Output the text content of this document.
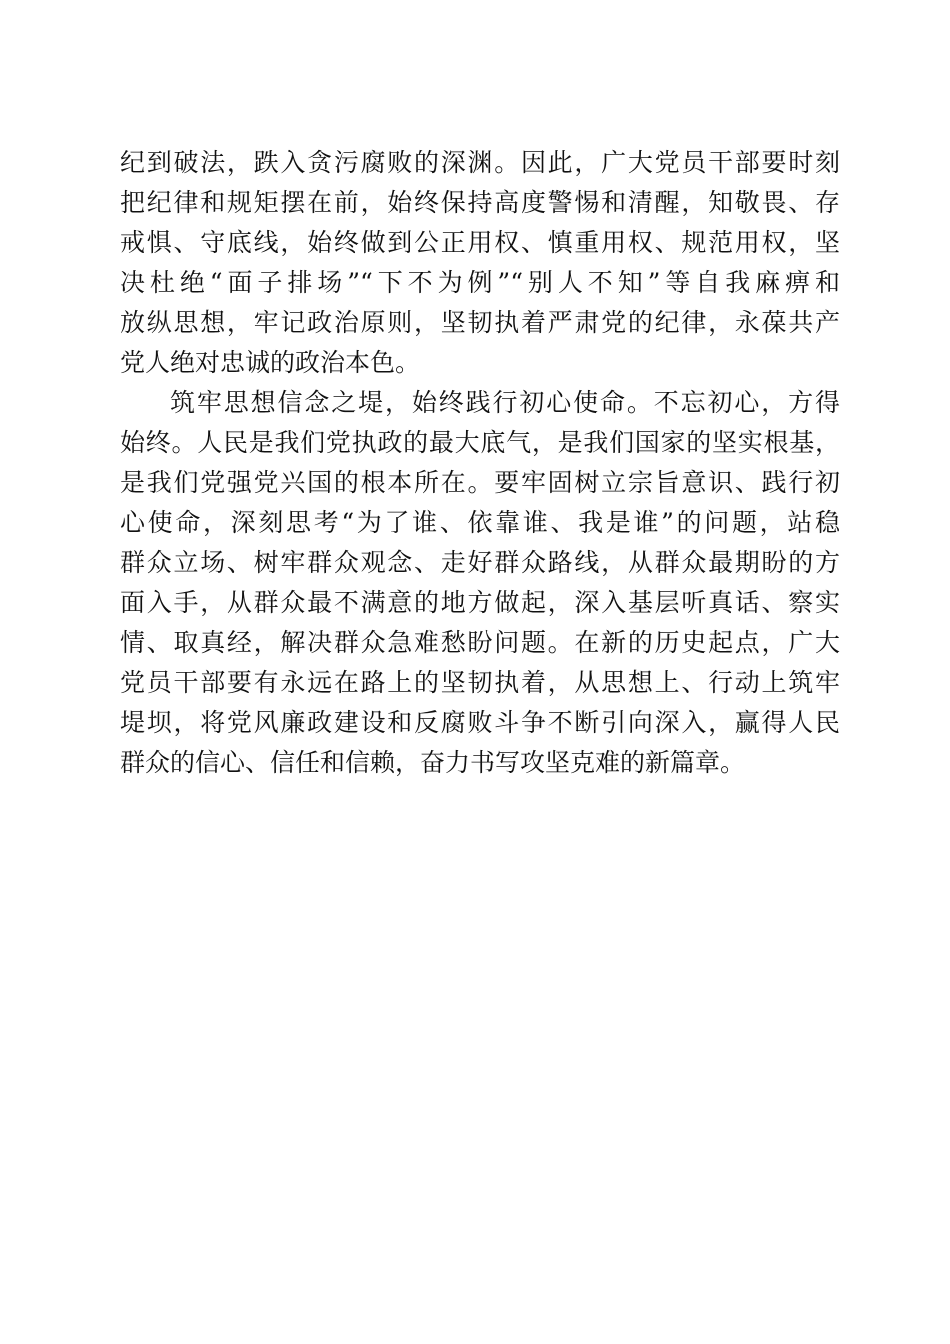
纪到破法，跌入贪污腐败的深渊。因此，广大党员干部要时刻
把纪律和规矩摆在前，始终保持高度警惕和清醒，知敬畏、存
戒惧、守底线，始终做到公正用权、慎重用权、规范用权，坚
决杜绝“面子排场”“下不为例”“别人不知”等自我麻痹和
放纵思想，牢记政治原则，坚韧执着严肃党的纪律，永葆共产
党人绝对忠诚的政治本色。
筑牢思想信念之堤，始终践行初心使命。不忘初心，方得
始终。人民是我们党执政的最大底气，是我们国家的坚实根基，
是我们党强党兴国的根本所在。要牢固树立宗旨意识、践行初
心使命，深刻思考“为了谁、依靠谁、我是谁”的问题，站稳
群众立场、树牢群众观念、走好群众路线，从群众最期盼的方
面入手，从群众最不满意的地方做起，深入基层听真话、察实
情、取真经，解决群众急难愁盼问题。在新的历史起点，广大
党员干部要有永远在路上的坚韧执着，从思想上、行动上筑牢
堤坝，将党风廉政建设和反腐败斗争不断引向深入，赢得人民
群众的信心、信任和信赖，奋力书写攻坚克难的新篇章。
